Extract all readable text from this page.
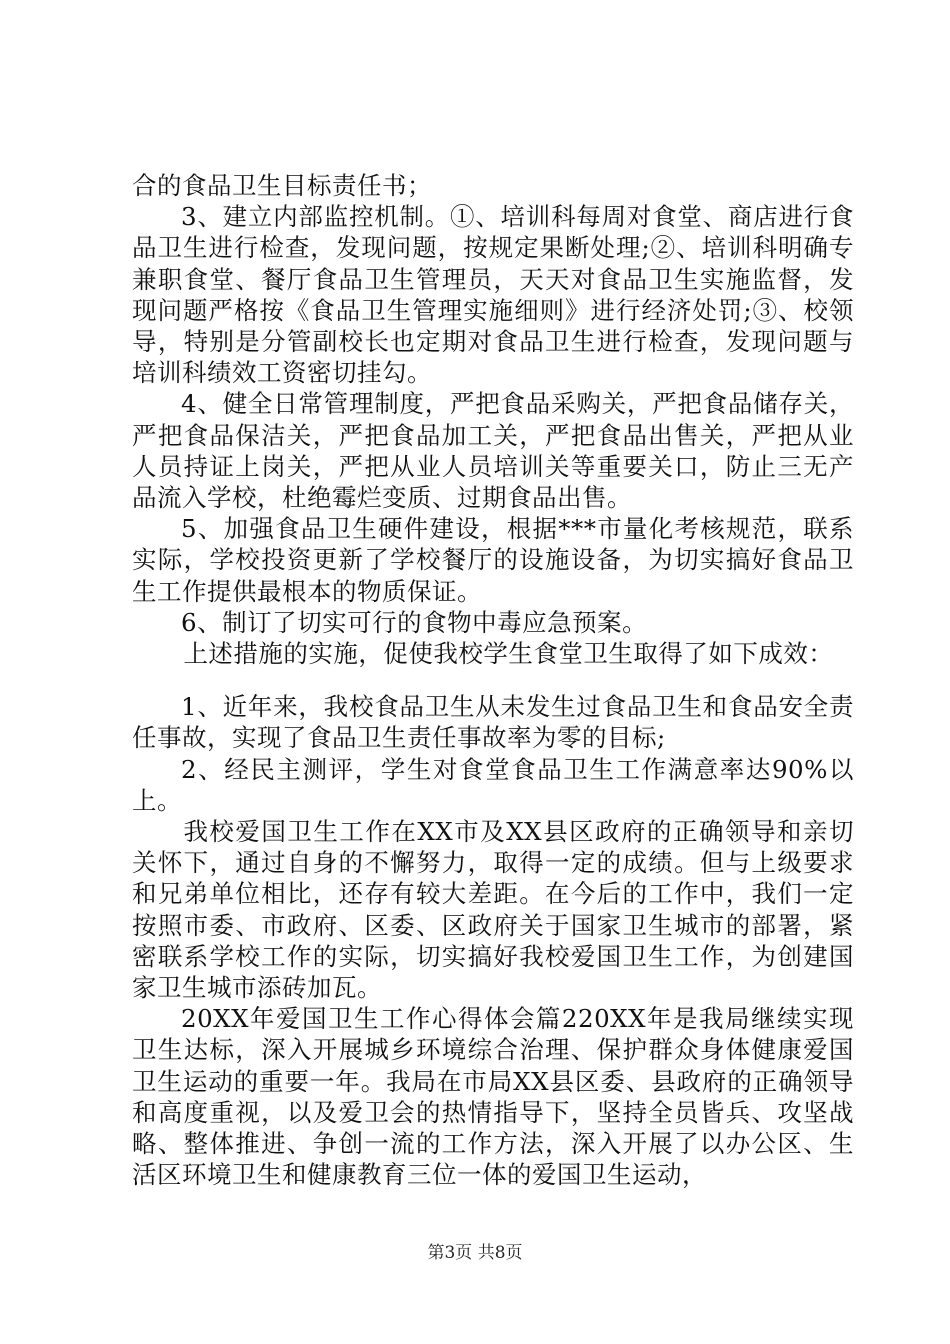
合的食品卫生目标责任书；

3、建立内部监控机制。①、培训科每周对食堂、商店进行食品卫生进行检查，发现问题，按规定果断处理;②、培训科明确专兼职食堂、餐厅食品卫生管理员，天天对食品卫生实施监督，发现问题严格按《食品卫生管理实施细则》进行经济处罚;③、校领导，特别是分管副校长也定期对食品卫生进行检查，发现问题与培训科绩效工资密切挂勾。

4、健全日常管理制度，严把食品采购关，严把食品储存关，严把食品保洁关，严把食品加工关，严把食品出售关，严把从业人员持证上岗关，严把从业人员培训关等重要关口，防止三无产品流入学校，杜绝霉烂变质、过期食品出售。

5、加强食品卫生硬件建设，根据***市量化考核规范，联系实际，学校投资更新了学校餐厅的设施设备，为切实搞好食品卫生工作提供最根本的物质保证。

6、制订了切实可行的食物中毒应急预案。

上述措施的实施，促使我校学生食堂卫生取得了如下成效：

1、近年来，我校食品卫生从未发生过食品卫生和食品安全责任事故，实现了食品卫生责任事故率为零的目标;

2、经民主测评，学生对食堂食品卫生工作满意率达90%以上。

我校爱国卫生工作在XX市及XX县区政府的正确领导和亲切关怀下，通过自身的不懈努力，取得一定的成绩。但与上级要求和兄弟单位相比，还存有较大差距。在今后的工作中，我们一定按照市委、市政府、区委、区政府关于国家卫生城市的部署，紧密联系学校工作的实际，切实搞好我校爱国卫生工作，为创建国家卫生城市添砖加瓦。

20XX年爱国卫生工作心得体会篇220XX年是我局继续实现卫生达标，深入开展城乡环境综合治理、保护群众身体健康爱国卫生运动的重要一年。我局在市局XX县区委、县政府的正确领导和高度重视，以及爱卫会的热情指导下，坚持全员皆兵、攻坚战略、整体推进、争创一流的工作方法，深入开展了以办公区、生活区环境卫生和健康教育三位一体的爱国卫生运动，

第3页 共8页
